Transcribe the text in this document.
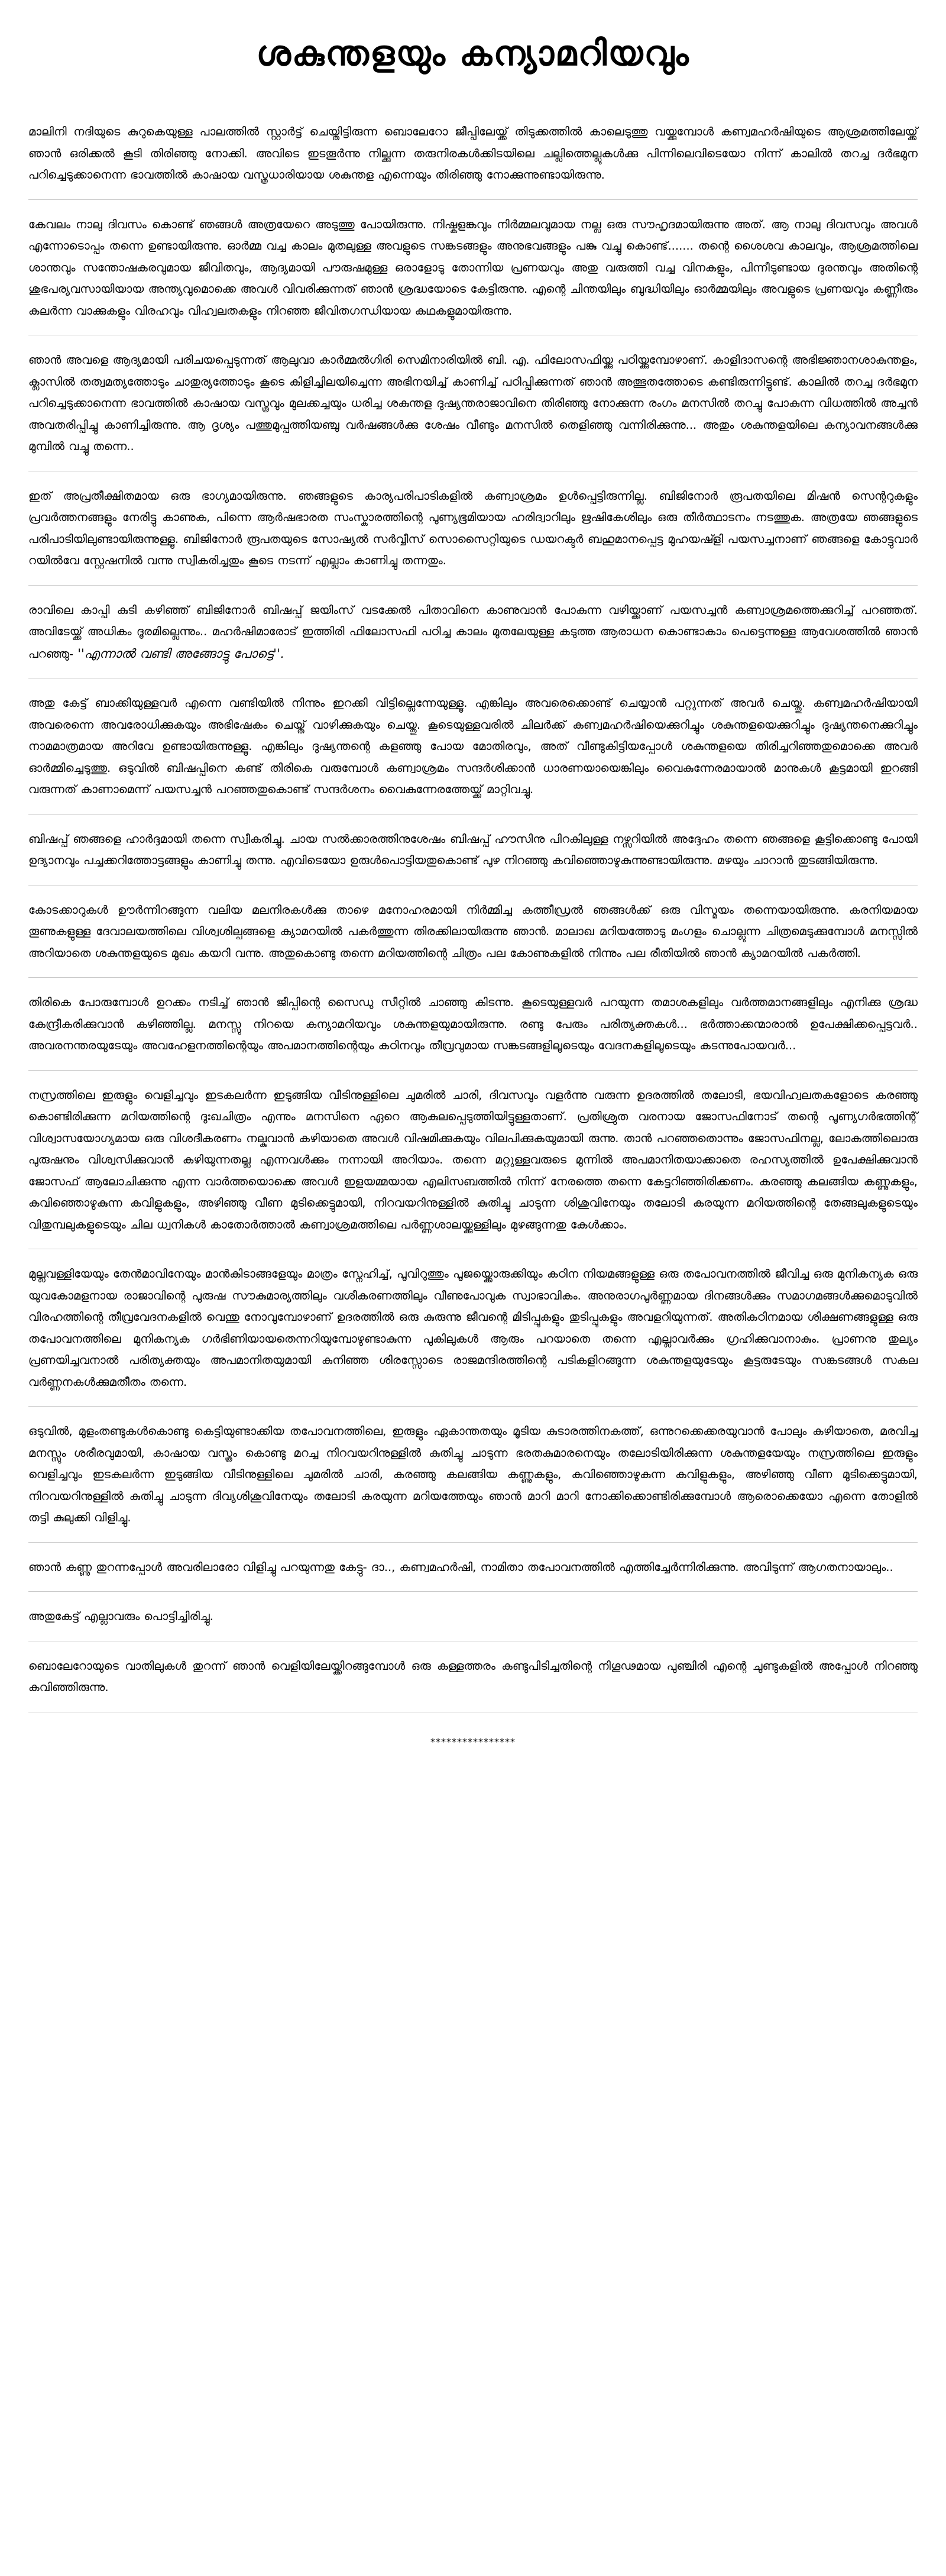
ശകുന്തളയും കന്യാമറിയവും

മാലിനി നദിയുടെ കുറുകെയുള്ള പാലത്തിൽ സ്റ്റാർട്ട് ചെയ്തിട്ടിരുന്ന ബൊലേറോ ജീപ്പിലേയ്ക്ക് തിടുക്കത്തിൽ കാലെടുത്തു വയ്ക്കുമ്പോൾ കണ്വമഹർഷിയുടെ ആശ്രമത്തിലേയ്ക്ക് ഞാൻ ഒരിക്കൽ കൂടി തിരിഞ്ഞു നോക്കി. അവിടെ ഇടതൂർന്നു നില്ക്കുന്ന തരുനിരകൾക്കിടയിലെ ചല്ലിത്തെല്ലുകൾക്കു പിന്നിലെവിടെയോ നിന്ന് കാലിൽ തറച്ച ദർഭമുന പറിച്ചെടുക്കാനെന്ന ഭാവത്തിൽ കാഷായ വസ്ത്രധാരിയായ ശകുന്തള എന്നെയും തിരിഞ്ഞു നോക്കുന്നുണ്ടായിരുന്നു.

കേവലം നാലു ദിവസം കൊണ്ട് ഞങ്ങൾ അത്രയേറെ അടുത്തു പോയിരുന്നു. നിഷ്കളങ്കവും നിർമ്മലവുമായ നല്ല ഒരു സൗഹൃദമായിരുന്നു അത്. ആ നാലു ദിവസവും അവൾ എന്നോടൊപ്പം തന്നെ ഉണ്ടായിരുന്നു. ഓർമ്മ വച്ച കാലം മുതലുള്ള അവളുടെ സങ്കടങ്ങളും അനുഭവങ്ങളും പങ്കു വച്ചു കൊണ്ട്....... തന്റെ ശൈശവ കാലവും, ആശ്രമത്തിലെ ശാന്തവും സന്തോഷകരവുമായ ജീവിതവും, ആദ്യമായി പൗരുഷമുള്ള ഒരാളോടു തോന്നിയ പ്രണയവും അതു വരുത്തി വച്ച വിനകളും, പിന്നീടുണ്ടായ ദുരന്തവും അതിന്റെ ശുഭപര്യവസായിയായ അന്ത്യവുമൊക്കെ അവൾ വിവരിക്കുന്നത് ഞാൻ ശ്രദ്ധയോടെ കേട്ടിരുന്നു. എന്റെ ചിന്തയിലും ബുദ്ധിയിലും ഓർമ്മയിലും അവളുടെ പ്രണയവും കണ്ണീരും കലർന്ന വാക്കുകളും വിരഹവും വിഹ്വലതകളും നിറഞ്ഞ ജീവിതഗന്ധിയായ കഥകളുമായിരുന്നു.

ഞാൻ അവളെ ആദ്യമായി പരിചയപ്പെടുന്നത് ആലുവാ കാർമ്മൽഗിരി സെമിനാരിയിൽ ബി. എ. ഫിലോസഫിയ്ക്കു പഠിയ്ക്കുമ്പോഴാണ്. കാളിദാസന്റെ അഭിജ്ഞാനശാകുന്തളം, ക്ലാസിൽ തത്വമത്യത്തോടും ചാതുര്യത്തോടും കൂടെ കിളിച്ചിലയിച്ചെന്ന അഭിനയിച്ച് കാണിച്ച് പഠിപ്പിക്കുന്നത് ഞാൻ അത്ഭുതത്തോടെ കണ്ടിരുന്നിട്ടുണ്ട്. കാലിൽ തറച്ച ദർഭമുന പറിച്ചെടുക്കാനെന്ന ഭാവത്തിൽ കാഷായ വസ്ത്രവും മുലക്കച്ചയും ധരിച്ച ശകുന്തള ദുഷ്യന്തരാജാവിനെ തിരിഞ്ഞു നോക്കുന്ന രംഗം മനസിൽ തറച്ചു പോകുന്ന വിധത്തിൽ അച്ചൻ അവതരിപ്പിച്ചു കാണിച്ചിരുന്നു. ആ ദൃശ്യം പത്തുമുപ്പത്തിയഞ്ചു വർഷങ്ങൾക്കു ശേഷം വീണ്ടും മനസിൽ തെളിഞ്ഞു വന്നിരിക്കുന്നു... അതും ശകുന്തളയിലെ കന്യാവനങ്ങൾക്കു മുമ്പിൽ വച്ചു തന്നെ..

ഇത് അപ്രതീക്ഷിതമായ ഒരു ഭാഗ്യമായിരുന്നു. ഞങ്ങളുടെ കാര്യപരിപാടികളിൽ കണ്വാശ്രമം ഉൾപ്പെട്ടിരുന്നില്ല. ബിജിനോർ രൂപതയിലെ മിഷൻ സെന്ററുകളും പ്രവർത്തനങ്ങളും നേരിട്ടു കാണുക, പിന്നെ ആർഷഭാരത സംസ്കാരത്തിന്റെ പുണ്യഭൂമിയായ ഹരിദ്വാറിലും ഋഷികേശിലും ഒരു തീർത്ഥാടനം നടത്തുക. അത്രയേ ഞങ്ങളുടെ പരിപാടിയിലുണ്ടായിരുന്നുള്ളൂ. ബിജിനോർ രൂപതയുടെ സോഷ്യൽ സർവ്വീസ് സൊസൈറ്റിയുടെ ഡയറക്ടർ ബഹുമാനപ്പെട്ട മുഹയഷ്ളി പയസച്ചനാണ് ഞങ്ങളെ കോട്ടുവാർ റയിൽവേ സ്റ്റേഷനിൽ വന്നു സ്വീകരിച്ചതും കൂടെ നടന്ന് എല്ലാം കാണിച്ചു തന്നതും.

രാവിലെ കാപ്പി കുടി കഴിഞ്ഞ് ബിജിനോർ ബിഷപ്പ് ജയിംസ് വടക്കേൽ പിതാവിനെ കാണുവാൻ പോകുന്ന വഴിയ്ക്കാണ് പയസച്ചൻ കണ്വാശ്രമത്തെക്കുറിച്ച് പറഞ്ഞത്. അവിടേയ്ക്ക് അധികം ദൂരമില്ലെന്നും.. മഹർഷിമാരോട് ഇത്തിരി ഫിലോസഫി പഠിച്ച കാലം മുതലേയുള്ള കടുത്ത ആരാധന കൊണ്ടാകാം പെട്ടെന്നുള്ള ആവേശത്തിൽ ഞാൻ പറഞ്ഞു- ''എന്നാൽ വണ്ടി അങ്ങോട്ടു പോട്ടെ''.

അതു കേട്ട് ബാക്കിയുള്ളവർ എന്നെ വണ്ടിയിൽ നിന്നും ഇറക്കി വിട്ടില്ലെന്നേയുള്ളൂ. എങ്കിലും അവരെക്കൊണ്ട് ചെയ്യാൻ പറ്റുന്നത് അവർ ചെയ്തു. കണ്വമഹർഷിയായി അവരെന്നെ അവരോധിക്കുകയും അഭിഷേകം ചെയ്ത് വാഴിക്കുകയും ചെയ്തു. കൂടെയുള്ളവരിൽ ചിലർക്ക് കണ്വമഹർഷിയെക്കുറിച്ചും ശകുന്തളയെക്കുറിച്ചും ദുഷ്യന്തനെക്കുറിച്ചും നാമമാത്രമായ അറിവേ ഉണ്ടായിരുന്നുള്ളൂ. എങ്കിലും ദുഷ്യന്തന്റെ കളഞ്ഞു പോയ മോതിരവും, അത് വീണ്ടുകിട്ടിയപ്പോൾ ശകുന്തളയെ തിരിച്ചറിഞ്ഞതുമൊക്കെ അവർ ഓർമ്മിച്ചെടുത്തു. ഒടുവിൽ ബിഷപ്പിനെ കണ്ട് തിരികെ വരുമ്പോൾ കണ്വാശ്രമം സന്ദർശിക്കാൻ ധാരണയായെങ്കിലും വൈകുന്നേരമായാൽ മാനുകൾ കൂട്ടമായി ഇറങ്ങി വരുന്നത് കാണാമെന്ന് പയസച്ചൻ പറഞ്ഞതുകൊണ്ട് സന്ദർശനം വൈകുന്നേരത്തേയ്ക്ക് മാറ്റിവച്ചു.

ബിഷപ്പ് ഞങ്ങളെ ഹാർദ്ദമായി തന്നെ സ്വീകരിച്ചു. ചായ സൽക്കാരത്തിനുശേഷം ബിഷപ്പ് ഹൗസിനു പിറകിലുള്ള നഴ്സറിയിൽ അദ്ദേഹം തന്നെ ഞങ്ങളെ കൂട്ടിക്കൊണ്ടു പോയി ഉദ്യാനവും പച്ചക്കറിത്തോട്ടങ്ങളും കാണിച്ചു തന്നു. എവിടെയോ ഉരുൾപൊട്ടിയതുകൊണ്ട് പുഴ നിറഞ്ഞു കവിഞ്ഞൊഴുകുന്നുണ്ടായിരുന്നു. മഴയും ചാറാൻ തുടങ്ങിയിരുന്നു.

കോടക്കാറുകൾ ഊർന്നിറങ്ങുന്ന വലിയ മലനിരകൾക്കു താഴെ മനോഹരമായി നിർമ്മിച്ച കത്തീഡ്രൽ ഞങ്ങൾക്ക് ഒരു വിസ്മയം തന്നെയായിരുന്നു. കരനിയമായ തൂണുകളുള്ള ദേവാലയത്തിലെ വിശ്വശില്പങ്ങളെ ക്യാമറയിൽ പകർത്തുന്ന തിരക്കിലായിരുന്നു ഞാൻ. മാലാഖ മറിയത്തോടു മംഗളം ചൊല്ലുന്ന ചിത്രമെടുക്കുമ്പോൾ മനസ്സിൽ അറിയാതെ ശകുന്തളയുടെ മുഖം കയറി വന്നു. അതുകൊണ്ടു തന്നെ മറിയത്തിന്റെ ചിത്രം പല കോണുകളിൽ നിന്നും പല രീതിയിൽ ഞാൻ ക്യാമറയിൽ പകർത്തി.

തിരികെ പോരുമ്പോൾ ഉറക്കം നടിച്ച് ഞാൻ ജീപ്പിന്റെ സൈഡു സീറ്റിൽ ചാഞ്ഞു കിടന്നു. കൂടെയുള്ളവർ പറയുന്ന തമാശകളിലും വർത്തമാനങ്ങളിലും എനിക്കു ശ്രദ്ധ കേന്ദ്രീകരിക്കുവാൻ കഴിഞ്ഞില്ല. മനസ്സു നിറയെ കന്യാമറിയവും ശകുന്തളയുമായിരുന്നു. രണ്ടു പേരും പരിത്യക്തകൾ... ഭർത്താക്കന്മാരാൽ ഉപേക്ഷിക്കപ്പെട്ടവർ.. അവരനന്തരയുടേയും അവഹേളനത്തിന്റെയും അപമാനത്തിന്റെയും കഠിനവും തീവ്രവുമായ സങ്കടങ്ങളിലൂടെയും വേദനകളിലൂടെയും കടന്നുപോയവർ...

നസ്രത്തിലെ ഇരുളും വെളിച്ചവും ഇടകലർന്ന ഇടുങ്ങിയ വീടിനുള്ളിലെ ചുമരിൽ ചാരി, ദിവസവും വളർന്നു വരുന്ന ഉദരത്തിൽ തലോടി, ഭയവിഹ്വലതകളോടെ കരഞ്ഞു കൊണ്ടിരിക്കുന്ന മറിയത്തിന്റെ ദുഃഖചിത്രം എന്നും മനസിനെ ഏറെ ആകുലപ്പെടുത്തിയിട്ടുള്ളതാണ്. പ്രതിശ്രുത വരനായ ജോസഫിനോട് തന്റെ പൂണ്യഗർഭത്തിന്റ് വിശ്വാസയോഗ്യമായ ഒരു വിശദീകരണം നല്കുവാൻ കഴിയാതെ അവൾ വിഷമിക്കുകയും വിലപിക്കുകയുമായി രുന്നു. താൻ പറഞ്ഞതൊന്നും ജോസഫിനല്ല, ലോകത്തിലൊരു പുരുഷനും വിശ്വസിക്കുവാൻ കഴിയുന്നതല്ല എന്നവൾക്കും നന്നായി അറിയാം. തന്നെ മറ്റുള്ളവരുടെ മുന്നിൽ അപമാനിതയാക്കാതെ രഹസ്യത്തിൽ ഉപേക്ഷിക്കുവാൻ ജോസഫ് ആലോചിക്കുന്നു എന്ന വാർത്തയൊക്കെ അവൾ ഇളയമ്മയായ എലിസബത്തിൽ നിന്ന് നേരത്തെ തന്നെ കേട്ടറിഞ്ഞിരിക്കണം. കരഞ്ഞു കലങ്ങിയ കണ്ണുകളും, കവിഞ്ഞൊഴുകുന്ന കവിളുകളും, അഴിഞ്ഞു വീണ മുടിക്കെട്ടുമായി, നിറവയറിനുള്ളിൽ കുതിച്ചു ചാടുന്ന ശിശുവിനേയും തലോടി കരയുന്ന മറിയത്തിന്റെ തേങ്ങലുകളുടെയും വിതുമ്പലുകളുടെയും ചില ധ്വനികൾ കാതോർത്താൽ കണ്വാശ്രമത്തിലെ പർണ്ണശാലയ്ക്കുള്ളിലും മുഴങ്ങുന്നതു കേൾക്കാം.

മുല്ലവള്ളിയേയും തേൻമാവിനേയും മാൻകിടാങ്ങളേയും മാത്രം സ്നേഹിച്ച്, പൂവിറുത്തും പൂജയ്ക്കൊരുക്കിയും കഠിന നിയമങ്ങളുള്ള ഒരു തപോവനത്തിൽ ജീവിച്ച ഒരു മുനികന്യക ഒരു യുവകോമളനായ രാജാവിന്റെ പുരുഷ സൗകുമാര്യത്തിലും വശീകരണത്തിലും വീണുപോവുക സ്വാഭാവികം. അനുരാഗപൂർണ്ണമായ ദിനങ്ങൾക്കും സമാഗമങ്ങൾക്കുമൊടുവിൽ വിരഹത്തിന്റെ തീവ്രവേദനകളിൽ വെന്തു നോവുമ്പോഴാണ് ഉദരത്തിൽ ഒരു കുരുന്നു ജീവന്റെ മിടിപ്പുകളും തുടിപ്പുകളും അവളറിയുന്നത്. അതികഠിനമായ ശിക്ഷണങ്ങളുള്ള ഒരു തപോവനത്തിലെ മുനികന്യക ഗർഭിണിയായതെന്നറിയുമ്പോഴുണ്ടാകുന്ന പുകിലുകൾ ആരും പറയാതെ തന്നെ എല്ലാവർക്കും ഗ്രഹിക്കുവാനാകും. പ്രാണനു തുല്യം പ്രണയിച്ചവനാൽ പരിത്യക്തയും അപമാനിതയുമായി കുനിഞ്ഞ ശിരസ്സോടെ രാജമന്ദിരത്തിന്റെ പടികളിറങ്ങുന്ന ശകുന്തളയുടേയും കൂട്ടരുടേയും സങ്കടങ്ങൾ സകല വർണ്ണനകൾക്കുമതീതം തന്നെ.

ഒടുവിൽ, മുളംതണ്ടുകൾകൊണ്ടു കെട്ടിയുണ്ടാക്കിയ തപോവനത്തിലെ, ഇരുളും ഏകാന്തതയും മൂടിയ കുടാരത്തിനകത്ത്, ഒന്നുറക്കെക്കരയുവാൻ പോലും കഴിയാതെ, മരവിച്ച മനസ്സും ശരീരവുമായി, കാഷായ വസ്ത്രം കൊണ്ടു മറച്ച നിറവയറിനുള്ളിൽ കുതിച്ചു ചാടുന്ന ഭരതകുമാരനെയും തലോടിയിരിക്കുന്ന ശകുന്തളയേയും നസ്രത്തിലെ ഇരുളും വെളിച്ചവും ഇടകലർന്ന ഇടുങ്ങിയ വീടിനുള്ളിലെ ചുമരിൽ ചാരി, കരഞ്ഞു കലങ്ങിയ കണ്ണുകളും, കവിഞ്ഞൊഴുകുന്ന കവിളുകളും, അഴിഞ്ഞു വീണ മുടിക്കെട്ടുമായി, നിറവയറിനുള്ളിൽ കുതിച്ചു ചാടുന്ന ദിവ്യശിശുവിനേയും തലോടി കരയുന്ന മറിയത്തേയും ഞാൻ മാറി മാറി നോക്കിക്കൊണ്ടിരിക്കുമ്പോൾ ആരൊക്കെയോ എന്നെ തോളിൽ തട്ടി കുലുക്കി വിളിച്ചു.

ഞാൻ കണ്ണു തുറന്നപ്പോൾ അവരിലാരോ വിളിച്ചു പറയുന്നതു കേട്ടു- ദാ.., കണ്വമഹർഷി, നാമിതാ തപോവനത്തിൽ എത്തിച്ചേർന്നിരിക്കുന്നു. അവിടുന്ന് ആഗതനായാലും..

അതുകേട്ട് എല്ലാവരും പൊട്ടിച്ചിരിച്ചു.

ബൊലേറോയുടെ വാതിലുകൾ തുറന്ന് ഞാൻ വെളിയിലേയ്ക്കിറങ്ങുമ്പോൾ ഒരു കള്ളത്തരം കണ്ടുപിടിച്ചതിന്റെ നിഗൂഢമായ പുഞ്ചിരി എന്റെ ചുണ്ടുകളിൽ അപ്പോൾ നിറഞ്ഞു കവിഞ്ഞിരുന്നു.

****************
